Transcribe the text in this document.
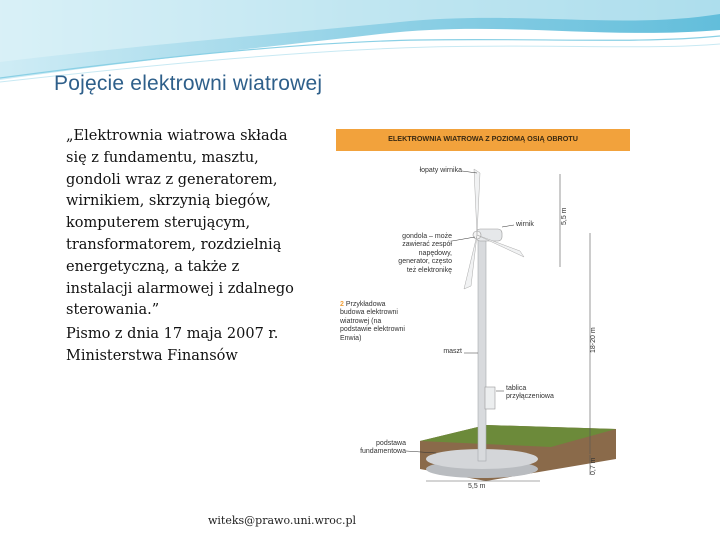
Pojęcie elektrowni wiatrowej

„Elektrownia wiatrowa składa się z fundamentu, masztu, gondoli wraz z generatorem, wirnikiem, skrzynią biegów, komputerem sterującym, transformatorem, rozdzielnią energetyczną, a także z instalacji alarmowej i zdalnego sterowania.”

Pismo z dnia 17 maja 2007 r. Ministerstwa Finansów

ELEKTROWNIA WIATROWA Z POZIOMĄ OSIĄ OBROTU
łopaty wirnika
wirnik
gondola – może zawierać zespół napędowy, generator, często też elektronikę
maszt
tablica przyłączeniowa
podstawa fundamentowa
2 Przykładowa budowa elektrowni wiatrowej (na podstawie elektrowni Enwia)
5,5 m
18-20 m
0,7 m
5,5 m
witeks@prawo.uni.wroc.pl
